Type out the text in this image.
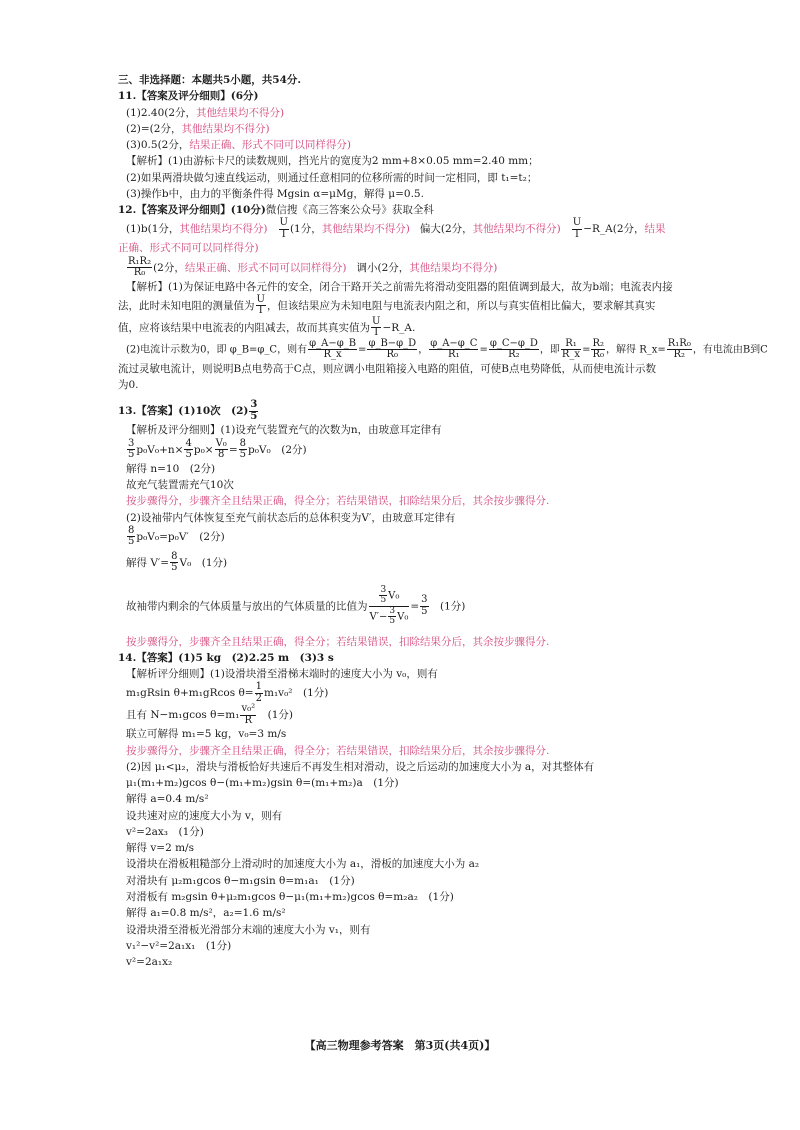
三、非选择题：本题共5小题，共54分.
11.【答案及评分细则】(6分)
(1)2.40(2分，其他结果均不得分)
(2)=(2分，其他结果均不得分)
(3)0.5(2分，结果正确、形式不同可以同样得分)
【解析】(1)由游标卡尺的读数规则，挡光片的宽度为2 mm+8×0.05 mm=2.40 mm；
(2)如果两滑块做匀速直线运动，则通过任意相同的位移所需的时间一定相同，即 t₁=t₂；
(3)操作b中，由力的平衡条件得 Mgsin α=μMg，解得 μ=0.5.
12.【答案及评分细则】(10分)微信搜《高三答案公众号》获取全科
(1)b(1分，其他结果均不得分) $\frac{U}{I} (1$分，其他结果均不得分) 偏大(2分，其他结果均不得分) $\frac{U}{I}$ −R_A(2分，结果
正确、形式不同可以同样得分)
$\frac{\text{R₁R₂}}{\text{R₀}} (2$分，结果正确、形式不同可以同样得分) 调小(2分，其他结果均不得分)
【解析】(1)为保证电路中各元件的安全，闭合干路开关之前需先将滑动变阻器的阻值调到最大，故为b端；电流表内接
法，此时未知电阻的测量值为 $\frac{U}{I}$ ，但该结果应为未知电阻与电流表内阻之和，所以与真实值相比偏大，要求解其真实
值，应将该结果中电流表的内阻减去，故而其真实值为 $\frac{U}{I}$ −R_A.
(2)电流计示数为0，即 φ_B=φ_C，则有 $\frac{\varphi\_A-\varphi\_B}{R\_x} = \frac{\varphi\_B-\varphi\_D}{\text{R₀}}$ ， $\frac{\varphi\_A-\varphi\_C}{\text{R₁}} = \frac{\varphi\_C-\varphi\_D}{\text{R₂}}$ ，即 $\frac{\text{R₁}}{R\_x} = \frac{\text{R₂}}{\text{R₀}}$ ，解得 R_x= $\frac{\text{R₁R₀}}{\text{R₂}}$ ，有电流由B到C
流过灵敏电流计，则说明B点电势高于C点，则应调小电阻箱接入电路的阻值，可使B点电势降低，从而使电流计示数
为0.
13.【答案】(1)10次　$(2) \frac{3}{5}$
【解析及评分细则】(1)设充气装置充气的次数为n，由玻意耳定律有
$\frac{3}{5} p_0V_0+n\times \frac{4}{5} p_0\times \frac{\text{V₀}}{8} = \frac{8}{5} p_0V_0$　(2分)
解得 n=10　(2分)
故充气装置需充气10次
按步骤得分，步骤齐全且结果正确，得全分；若结果错误，扣除结果分后，其余按步骤得分.
(2)设袖带内气体恢复至充气前状态后的总体积变为V′，由玻意耳定律有
$\frac{8}{5} p_0V_0=p_0V'$　(2分)
解得 $V'= \frac{8}{5} V_0$　(1分)
故袖带内剩余的气体质量与放出的气体质量的比值为 $\frac{\frac{3}{5} V_0}{V'- \frac{3}{5} V_0} = \frac{3}{5}$ 　(1分)
按步骤得分，步骤齐全且结果正确，得全分；若结果错误，扣除结果分后，其余按步骤得分.
14.【答案】(1)5 kg　(2)2.25 m　(3)3 s
【解析评分细则】(1)设滑块滑至滑梯末端时的速度大小为 v₀，则有
m₁gRsin θ+m₁gRcos $\theta= \frac{1}{2} m_1v_0^2$　(1分)
且有 N−m₁gcos $\theta=m_1 \frac{\text{v₀²}}{R}$ 　(1分)
联立可解得 m₁=5 kg，v₀=3 m/s
按步骤得分，步骤齐全且结果正确，得全分；若结果错误，扣除结果分后，其余按步骤得分.
(2)因 μ₁<μ₂，滑块与滑板恰好共速后不再发生相对滑动，设之后运动的加速度大小为 a，对其整体有
μ₁(m₁+m₂)gcos θ−(m₁+m₂)gsin θ=(m₁+m₂)a　(1分)
解得 a=0.4 m/s²
设共速对应的速度大小为 v，则有
v²=2ax₃　(1分)
解得 v=2 m/s
设滑块在滑板粗糙部分上滑动时的加速度大小为 a₁，滑板的加速度大小为 a₂
对滑块有 μ₂m₁gcos θ−m₁gsin θ=m₁a₁　(1分)
对滑板有 m₂gsin θ+μ₂m₁gcos θ−μ₁(m₁+m₂)gcos θ=m₂a₂　(1分)
解得 a₁=0.8 m/s²，a₂=1.6 m/s²
设滑块滑至滑板光滑部分末端的速度大小为 v₁，则有
v₁²−v²=2a₁x₁　(1分)
v²=2a₁x₂
【高三物理参考答案　第3页(共4页)】
